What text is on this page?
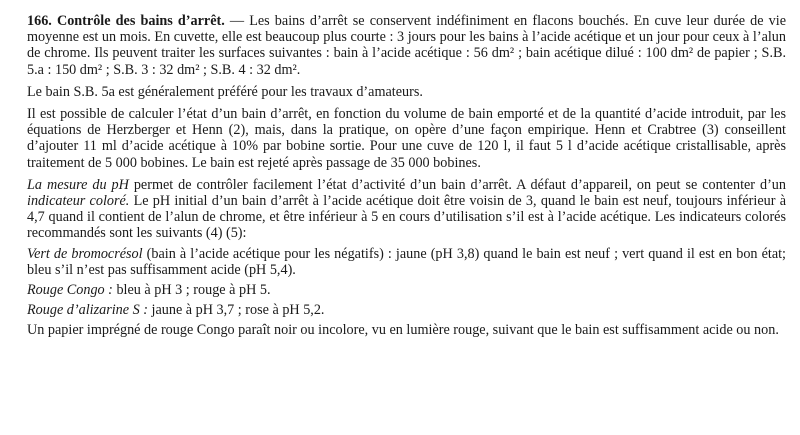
166. Contrôle des bains d’arrêt. — Les bains d’arrêt se conservent indéfiniment en flacons bouchés. En cuve leur durée de vie moyenne est un mois. En cuvette, elle est beaucoup plus courte : 3 jours pour les bains à l’acide acétique et un jour pour ceux à l’alun de chrome. Ils peuvent traiter les surfaces suivantes : bain à l’acide acétique : 56 dm² ; bain acétique dilué : 100 dm² de papier ; S.B. 5.a : 150 dm² ; S.B. 3 : 32 dm² ; S.B. 4 : 32 dm².

Le bain S.B. 5a est généralement préféré pour les travaux d’amateurs.

Il est possible de calculer l’état d’un bain d’arrêt, en fonction du volume de bain emporté et de la quantité d’acide introduit, par les équations de Herzberger et Henn (2), mais, dans la pratique, on opère d’une façon empirique. Henn et Crabtree (3) conseillent d’ajouter 11 ml d’acide acétique à 10% par bobine sortie. Pour une cuve de 120 l, il faut 5 l d’acide acétique cristallisable, après traitement de 5 000 bobines. Le bain est rejeté après passage de 35 000 bobines.

La mesure du pH permet de contrôler facilement l’état d’activité d’un bain d’arrêt. A défaut d’appareil, on peut se contenter d’un indicateur coloré. Le pH initial d’un bain d’arrêt à l’acide acétique doit être voisin de 3, quand le bain est neuf, toujours inférieur à 4,7 quand il contient de l’alun de chrome, et être inférieur à 5 en cours d’utilisation s’il est à l’acide acétique. Les indicateurs colorés recommandés sont les suivants (4) (5):

Vert de bromocrésol (bain à l’acide acétique pour les négatifs) : jaune (pH 3,8) quand le bain est neuf ; vert quand il est en bon état; bleu s’il n’est pas suffisamment acide (pH 5,4).

Rouge Congo : bleu à pH 3 ; rouge à pH 5.

Rouge d’alizarine S : jaune à pH 3,7 ; rose à pH 5,2.

Un papier imprégné de rouge Congo paraît noir ou incolore, vu en lumière rouge, suivant que le bain est suffisamment acide ou non.
